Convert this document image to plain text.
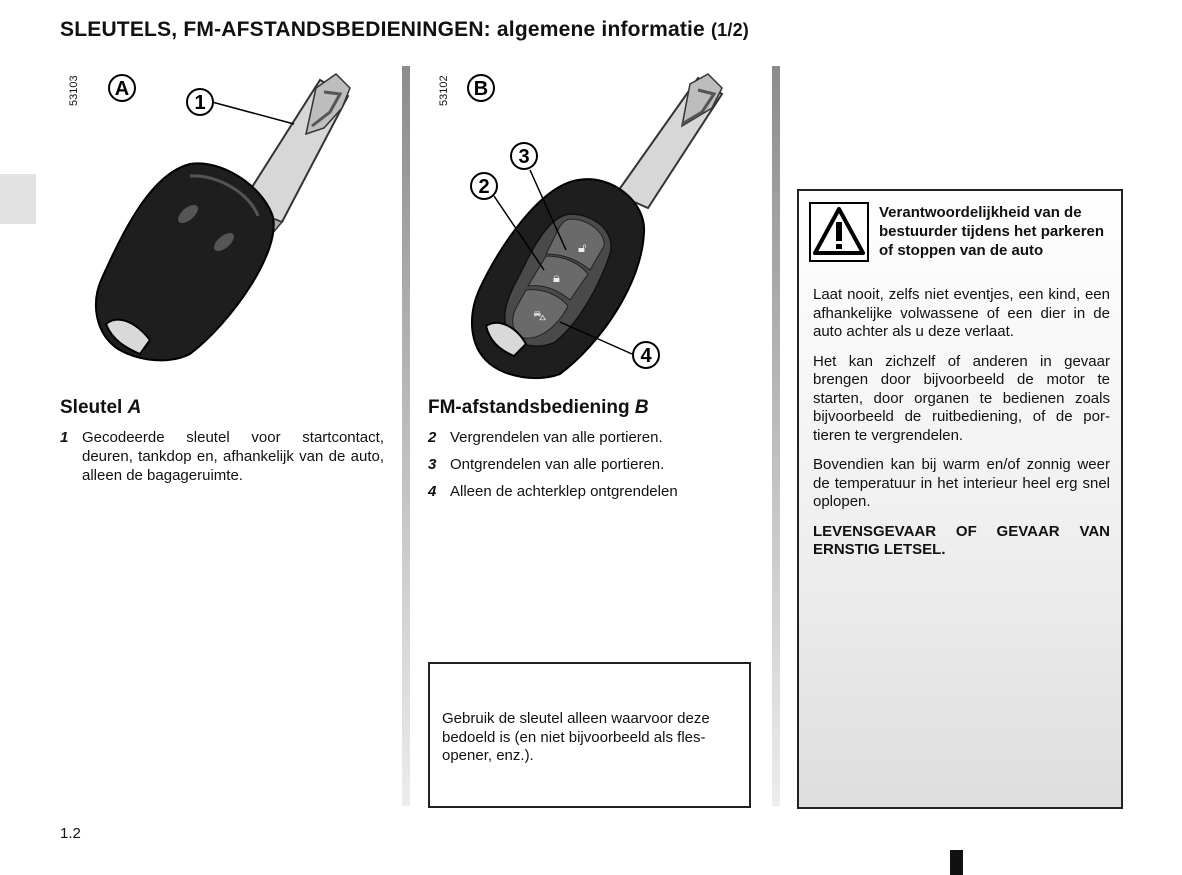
SLEUTELS, FM-AFSTANDSBEDIENINGEN: algemene informatie (1/2)
53103	1
A	53102
🔓︎
🔒︎
⛍︎
3
2
4
B
Sleutel A
1 Gecodeerde sleutel voor startcontact, deuren, tankdop en, afhankelijk van de auto, alleen de bagageruimte.
FM-afstandsbediening B
2 Vergrendelen van alle portieren.
3 Ontgrendelen van alle portieren.
4 Alleen de achterklep ontgrendelen
Gebruik de sleutel alleen waarvoor deze bedoeld is (en niet bijvoorbeeld als fles-opener, enz.).
Verantwoordelijkheid van de bestuurder tijdens het parkeren of stoppen van de auto

Laat nooit, zelfs niet eventjes, een kind, een afhankelijke volwassene of een dier in de auto achter als u deze verlaat.

Het kan zichzelf of anderen in gevaar brengen door bijvoorbeeld de motor te starten, door organen te bedienen zoals bijvoorbeeld de ruitbediening, of de por-tieren te vergrendelen.

Bovendien kan bij warm en/of zonnig weer de temperatuur in het interieur heel erg snel oplopen.

LEVENSGEVAAR OF GEVAAR VAN ERNSTIG LETSEL.

1.2
